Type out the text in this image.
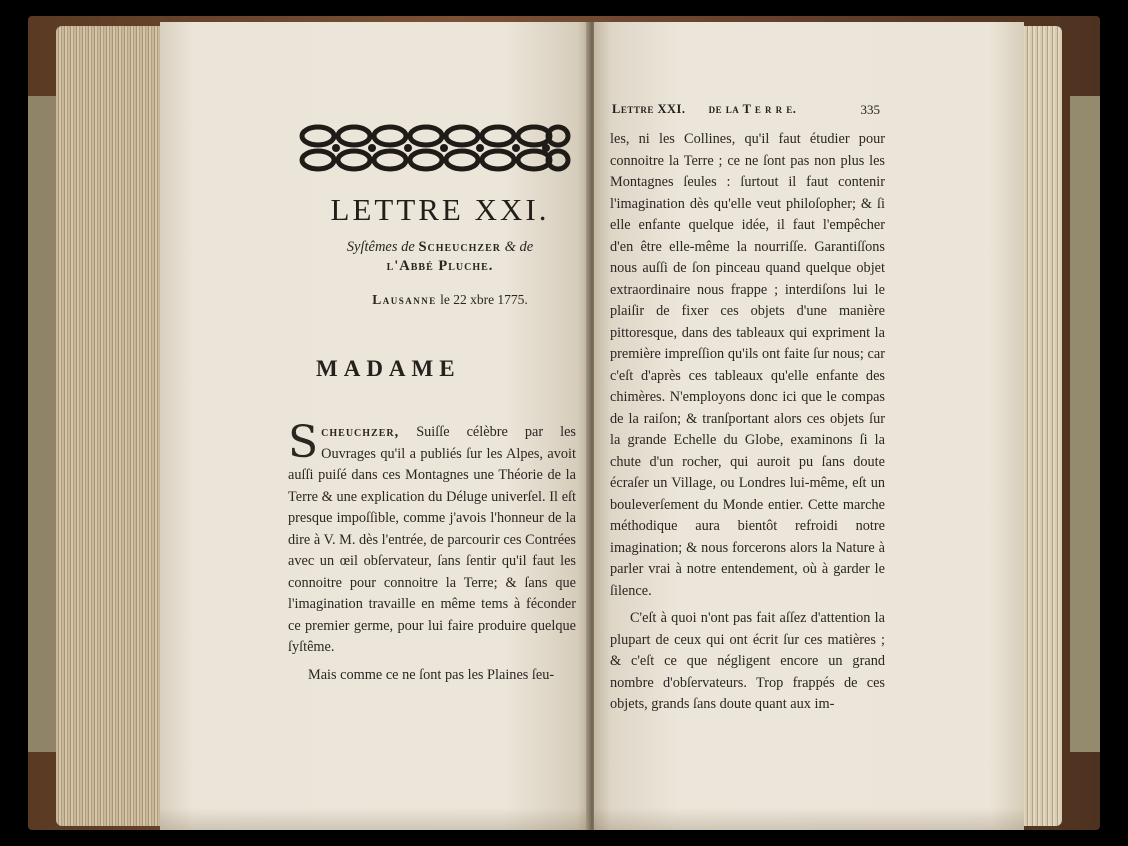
LETTRE XXI.

Syſtêmes de Scheuchzer & de
l'Abbé Pluche.

Lausanne le 22 xbre 1775.

MADAME

Scheuchzer, Suiſſe célèbre par les Ouvrages qu'il a publiés ſur les Alpes, avoit auſſi puiſé dans ces Montagnes une Théorie de la Terre & une explication du Déluge univerſel. Il eſt presque impoſſible, comme j'avois l'honneur de la dire à V. M. dès l'entrée, de parcourir ces Contrées avec un œil obſervateur, ſans ſentir qu'il faut les connoitre pour connoitre la Terre; & ſans que l'imagination travaille en même tems à féconder ce premier germe, pour lui faire produire quelque ſyſtême.

Mais comme ce ne ſont pas les Plaines ſeu-

Lettre XXI. de la T e r r e.	335

les, ni les Collines, qu'il faut étudier pour connoitre la Terre ; ce ne ſont pas non plus les Montagnes ſeules : ſurtout il faut contenir l'imagination dès qu'elle veut philoſopher; & ſi elle enfante quelque idée, il faut l'empêcher d'en être elle-même la nourriſſe. Garantiſſons nous auſſi de ſon pinceau quand quelque objet extraordinaire nous frappe ; interdiſons lui le plaiſir de fixer ces objets d'une manière pittoresque, dans des tableaux qui expriment la première impreſſion qu'ils ont faite ſur nous; car c'eſt d'après ces tableaux qu'elle enfante des chimères. N'employons donc ici que le compas de la raiſon; & tranſportant alors ces objets ſur la grande Echelle du Globe, examinons ſi la chute d'un rocher, qui auroit pu ſans doute écraſer un Village, ou Londres lui-même, eſt un bouleverſement du Monde entier. Cette marche méthodique aura bientôt refroidi notre imagination; & nous forcerons alors la Nature à parler vrai à notre entendement, où à garder le ſilence.

C'eſt à quoi n'ont pas fait aſſez d'attention la plupart de ceux qui ont écrit ſur ces matières ; & c'eſt ce que négligent encore un grand nombre d'obſervateurs. Trop frappés de ces objets, grands ſans doute quant aux im-
